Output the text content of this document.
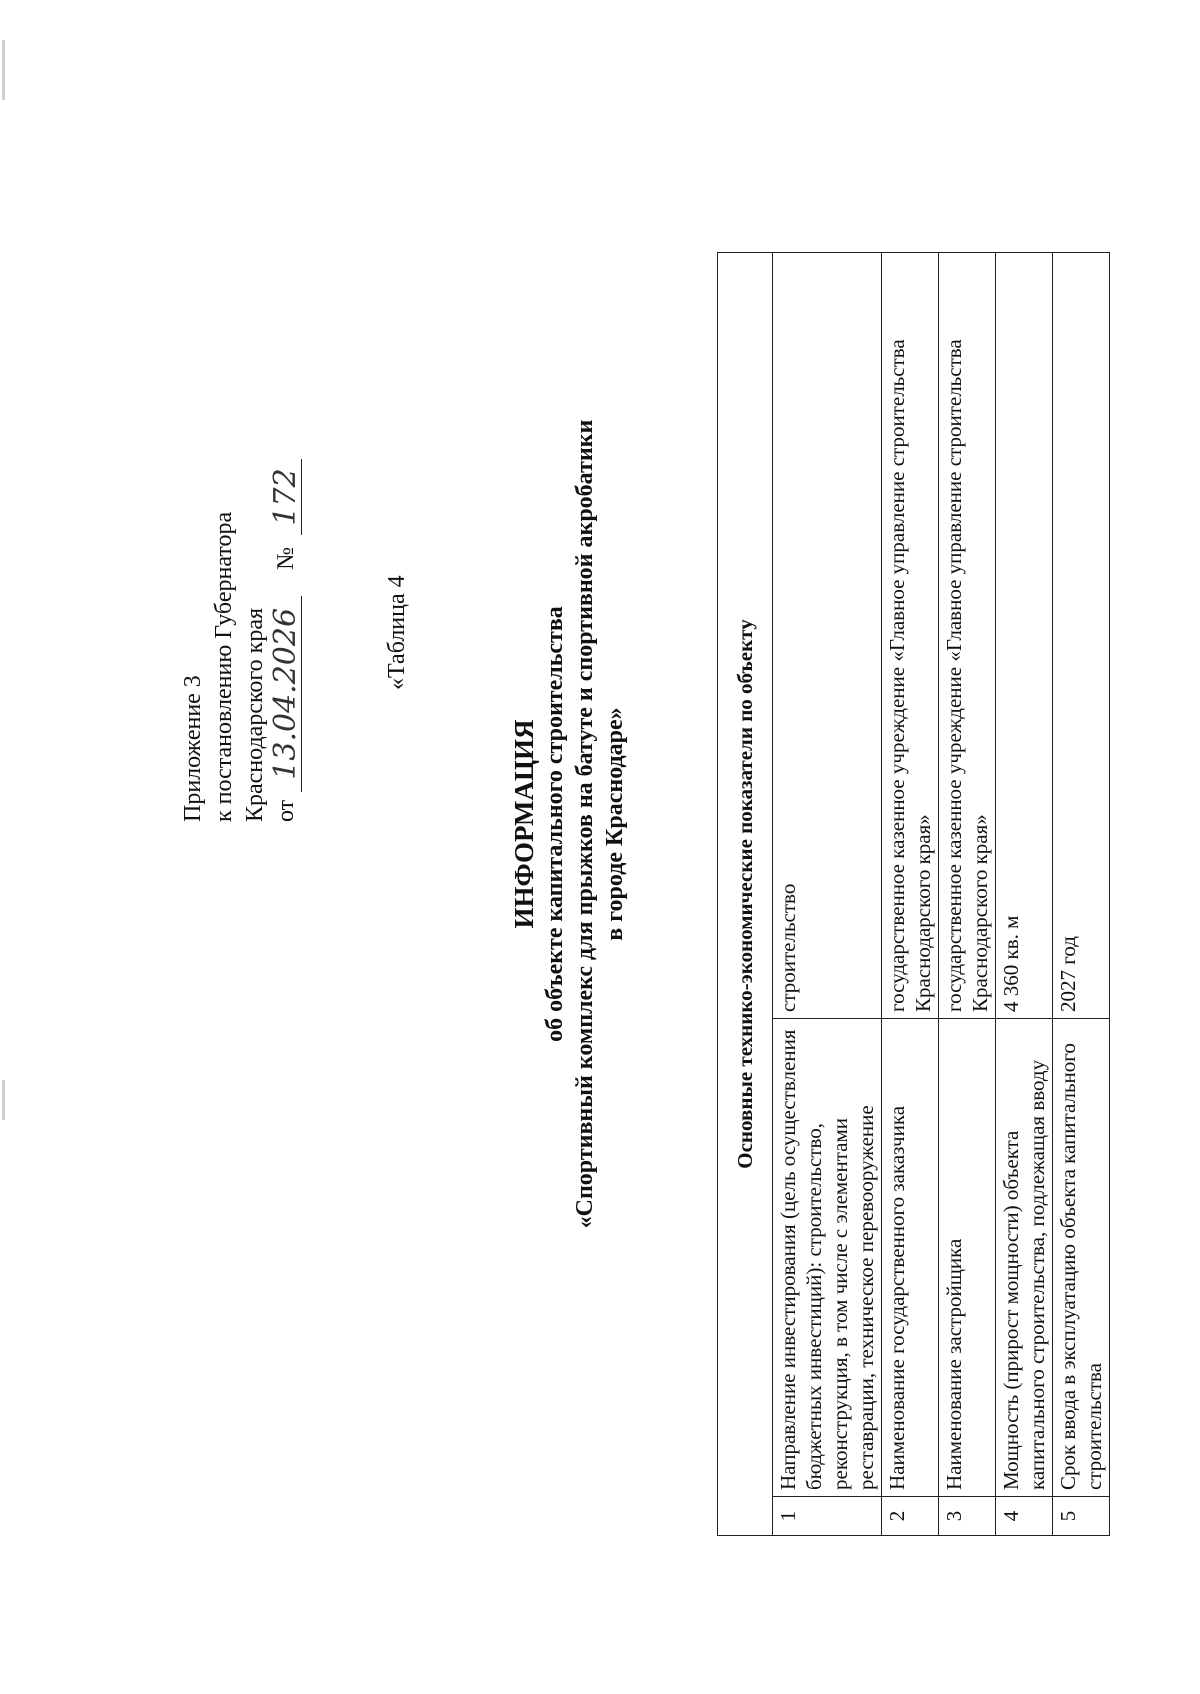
Приложение 3 к постановлению Губернатора Краснодарского края от
13.04.2026
№
172
«Таблица 4
ИНФОРМАЦИЯ об объекте капитального строительства «Спортивный комплекс для прыжков на батуте и спортивной акробатики в городе Краснодаре»	Основные технико-экономические показатели по объекту		
1	Направление инвестирования (цель осуществления бюджетных инвестиций): строительство, реконструкция, в том числе с элементами реставрации, техническое перевооружение	строительство
2	Наименование государственного заказчика	государственное казенное учреждение «Главное управление строительства Краснодарского края»
3	Наименование застройщика	государственное казенное учреждение «Главное управление строительства Краснодарского края»
4	Мощность (прирост мощности) объекта капитального строительства, подлежащая вводу	4 360 кв. м
5	Срок ввода в эксплуатацию объекта капитального строительства	2027 год
